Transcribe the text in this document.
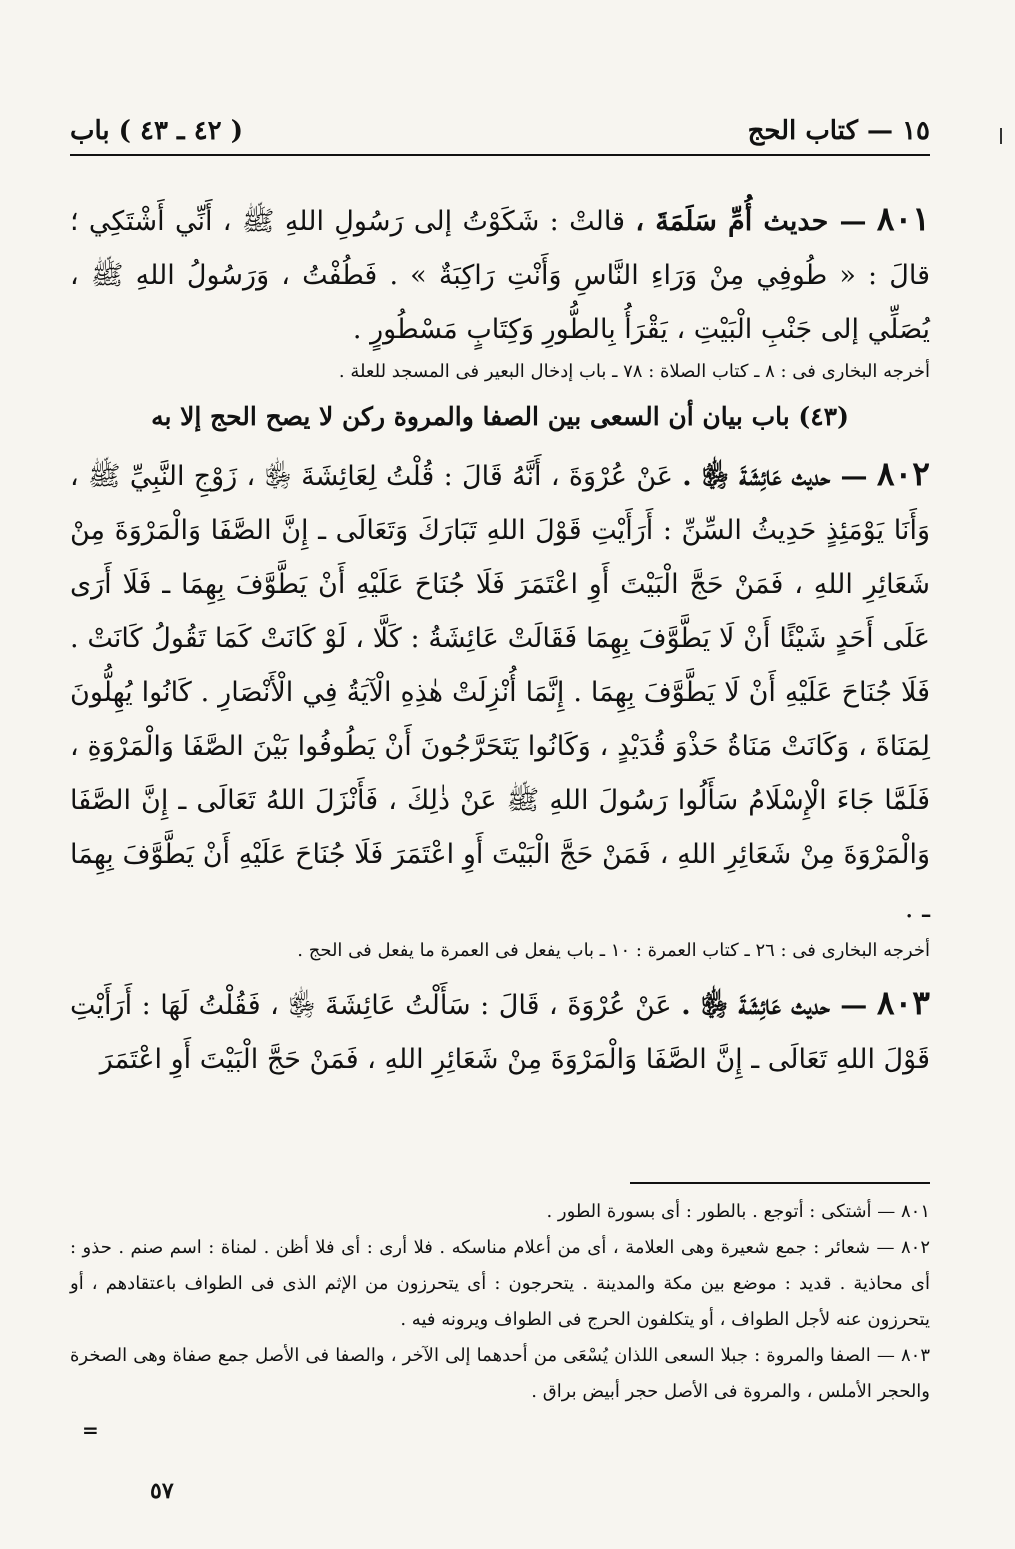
١٥ — كتاب الحج
( ٤٢ ـ ٤٣ ) باب

٨٠١ — حديث أُمِّ سَلَمَةَ ، قالتْ : شَكَوْتُ إلى رَسُولِ اللهِ ﷺ ، أَنِّي أَشْتَكِي ؛ قالَ : « طُوفِي مِنْ وَرَاءِ النَّاسِ وَأَنْتِ رَاكِبَةٌ » . فَطُفْتُ ، وَرَسُولُ اللهِ ﷺ ، يُصَلِّي إلى جَنْبِ الْبَيْتِ ، يَقْرَأُ بِالطُّورِ وَكِتَابٍ مَسْطُورٍ .

أخرجه البخارى فى : ٨ ـ كتاب الصلاة : ٧٨ ـ باب إدخال البعير فى المسجد للعلة .

(٤٣) باب بيان أن السعى بين الصفا والمروة ركن لا يصح الحج إلا به

٨٠٢ — حديث عَائِشَةَ ﵂ . عَنْ عُرْوَةَ ، أَنَّهُ قَالَ : قُلْتُ لِعَائِشَةَ ﵂ ، زَوْجِ النَّبِيِّ ﷺ ، وَأَنَا يَوْمَئِذٍ حَدِيثُ السِّنِّ : أَرَأَيْتِ قَوْلَ اللهِ تَبَارَكَ وَتَعَالَى ـ إِنَّ الصَّفَا وَالْمَرْوَةَ مِنْ شَعَائِرِ اللهِ ، فَمَنْ حَجَّ الْبَيْتَ أَوِ اعْتَمَرَ فَلَا جُنَاحَ عَلَيْهِ أَنْ يَطَّوَّفَ بِهِمَا ـ فَلَا أَرَى عَلَى أَحَدٍ شَيْئًا أَنْ لَا يَطَّوَّفَ بِهِمَا فَقَالَتْ عَائِشَةُ : كَلَّا ، لَوْ كَانَتْ كَمَا تَقُولُ كَانَتْ . فَلَا جُنَاحَ عَلَيْهِ أَنْ لَا يَطَّوَّفَ بِهِمَا . إِنَّمَا أُنْزِلَتْ هٰذِهِ الْآيَةُ فِي الْأَنْصَارِ . كَانُوا يُهِلُّونَ لِمَنَاةَ ، وَكَانَتْ مَنَاةُ حَذْوَ قُدَيْدٍ ، وَكَانُوا يَتَحَرَّجُونَ أَنْ يَطُوفُوا بَيْنَ الصَّفَا وَالْمَرْوَةِ ، فَلَمَّا جَاءَ الْإِسْلَامُ سَأَلُوا رَسُولَ اللهِ ﷺ عَنْ ذٰلِكَ ، فَأَنْزَلَ اللهُ تَعَالَى ـ إِنَّ الصَّفَا وَالْمَرْوَةَ مِنْ شَعَائِرِ اللهِ ، فَمَنْ حَجَّ الْبَيْتَ أَوِ اعْتَمَرَ فَلَا جُنَاحَ عَلَيْهِ أَنْ يَطَّوَّفَ بِهِمَا ـ .

أخرجه البخارى فى : ٢٦ ـ كتاب العمرة : ١٠ ـ باب يفعل فى العمرة ما يفعل فى الحج .

٨٠٣ — حديث عَائِشَةَ ﵂ . عَنْ عُرْوَةَ ، قَالَ : سَأَلْتُ عَائِشَةَ ﵂ ، فَقُلْتُ لَهَا : أَرَأَيْتِ قَوْلَ اللهِ تَعَالَى ـ إِنَّ الصَّفَا وَالْمَرْوَةَ مِنْ شَعَائِرِ اللهِ ، فَمَنْ حَجَّ الْبَيْتَ أَوِ اعْتَمَرَ

٨٠١ — أشتكى : أتوجع . بالطور : أى بسورة الطور .

٨٠٢ — شعائر : جمع شعيرة وهى العلامة ، أى من أعلام مناسكه . فلا أرى : أى فلا أظن . لمناة : اسم صنم . حذو : أى محاذية . قديد : موضع بين مكة والمدينة . يتحرجون : أى يتحرزون من الإثم الذى فى الطواف باعتقادهم ، أو يتحرزون عنه لأجل الطواف ، أو يتكلفون الحرج فى الطواف ويرونه فيه .

٨٠٣ — الصفا والمروة : جبلا السعى اللذان يُسْعَى من أحدهما إلى الآخر ، والصفا فى الأصل جمع صفاة وهى الصخرة والحجر الأملس ، والمروة فى الأصل حجر أبيض براق .

=
٥٧
